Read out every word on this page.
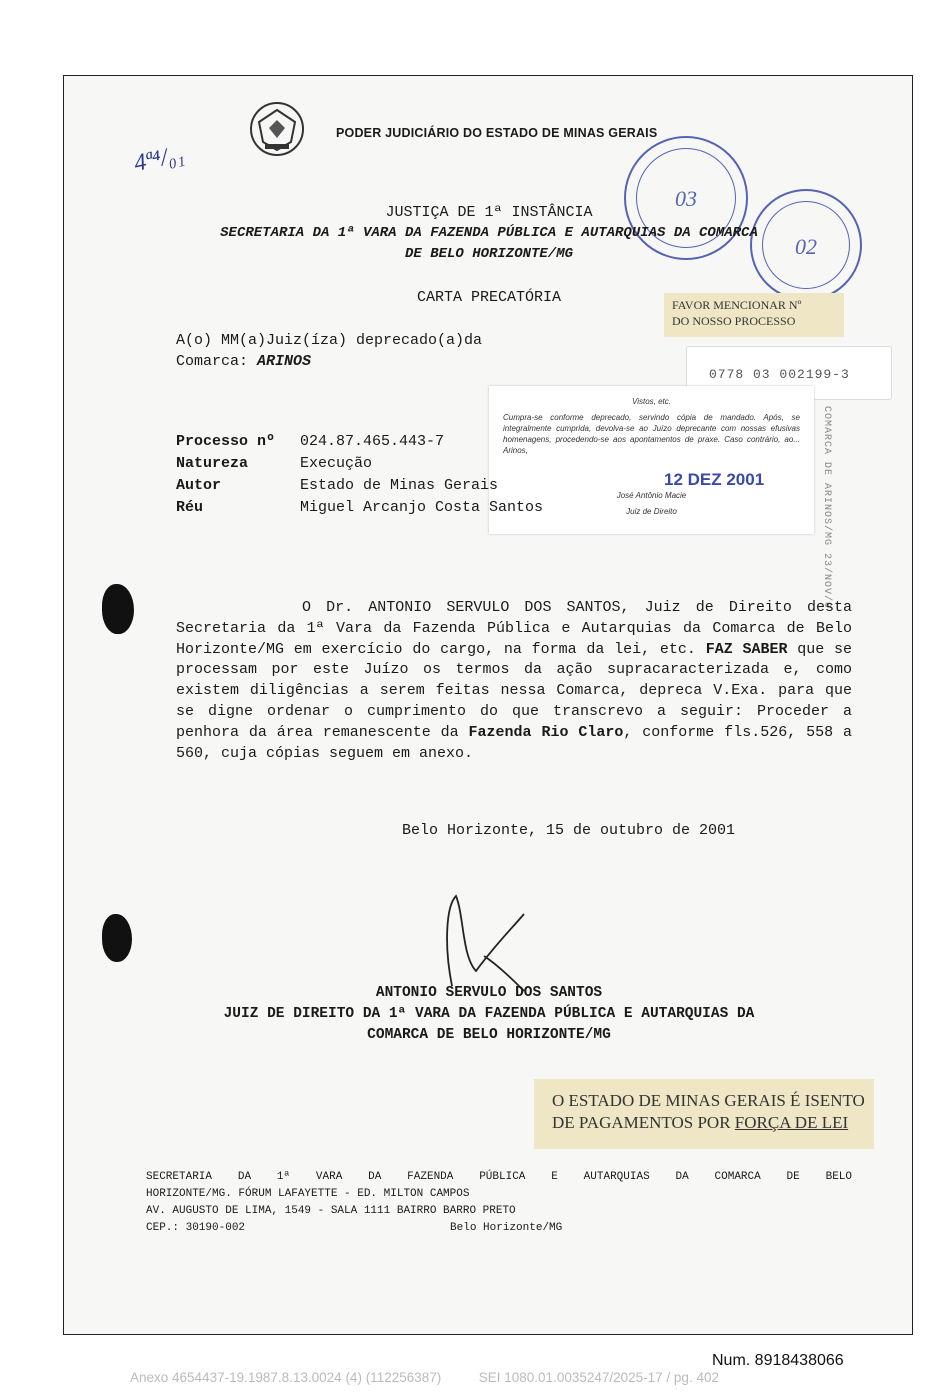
PODER JUDICIÁRIO DO ESTADO DE MINAS GERAIS
4ª⁴/₀₁
03
02
JUSTIÇA DE 1ª INSTÂNCIA
SECRETARIA DA 1ª VARA DA FAZENDA PÚBLICA E AUTARQUIAS DA COMARCA
DE BELO HORIZONTE/MG
CARTA PRECATÓRIA	FAVOR MENCIONAR Nº
DO NOSSO PROCESSO
0778 03 002199-3
A(o) MM(a)Juiz(íza) deprecado(a)da
Comarca: ARINOS

Vistos, etc.

Cumpra-se conforme deprecado, servindo cópia de mandado. Após, se integralmente cumprida, devolva-se ao Juízo deprecante com nossas efusivas homenagens, procedendo-se aos apontamentos de praxe. Caso contrário, ao... Arinos,

12 DEZ 2001

José Antônio Macie

Juiz de Direito	COMARCA DE ARINOS/MG 23/NOV/0
Processo nº 024.87.465.443-7
Natureza	Execução
Autor	Estado de Minas Gerais
Réu	Miguel Arcanjo Costa Santos
O Dr. ANTONIO SERVULO DOS SANTOS, Juiz de Direito desta Secretaria da 1ª Vara da Fazenda Pública e Autarquias da Comarca de Belo Horizonte/MG em exercício do cargo, na forma da lei, etc. FAZ SABER que se processam por este Juízo os termos da ação supracaracterizada e, como existem diligências a serem feitas nessa Comarca, depreca V.Exa. para que se digne ordenar o cumprimento do que transcrevo a seguir: Proceder a penhora da área remanescente da Fazenda Rio Claro, conforme fls.526, 558 a 560, cuja cópias seguem em anexo.
Belo Horizonte, 15 de outubro de 2001
ANTONIO SERVULO DOS SANTOS
JUIZ DE DIREITO DA 1ª VARA DA FAZENDA PÚBLICA E AUTARQUIAS DA
COMARCA DE BELO HORIZONTE/MG
O ESTADO DE MINAS GERAIS É ISENTO
DE PAGAMENTOS POR FORÇA DE LEI
SECRETARIA DA 1ª VARA DA FAZENDA PÚBLICA E AUTARQUIAS DA COMARCA DE BELO
HORIZONTE/MG. FÓRUM LAFAYETTE - ED. MILTON CAMPOS
AV. AUGUSTO DE LIMA, 1549 - SALA 1111 BAIRRO BARRO PRETO
CEP.: 30190-002	Belo Horizonte/MG
Num. 8918438066
Anexo 4654437-19.1987.8.13.0024 (4) (112256387)          SEI 1080.01.0035247/2025-17 / pg. 402
